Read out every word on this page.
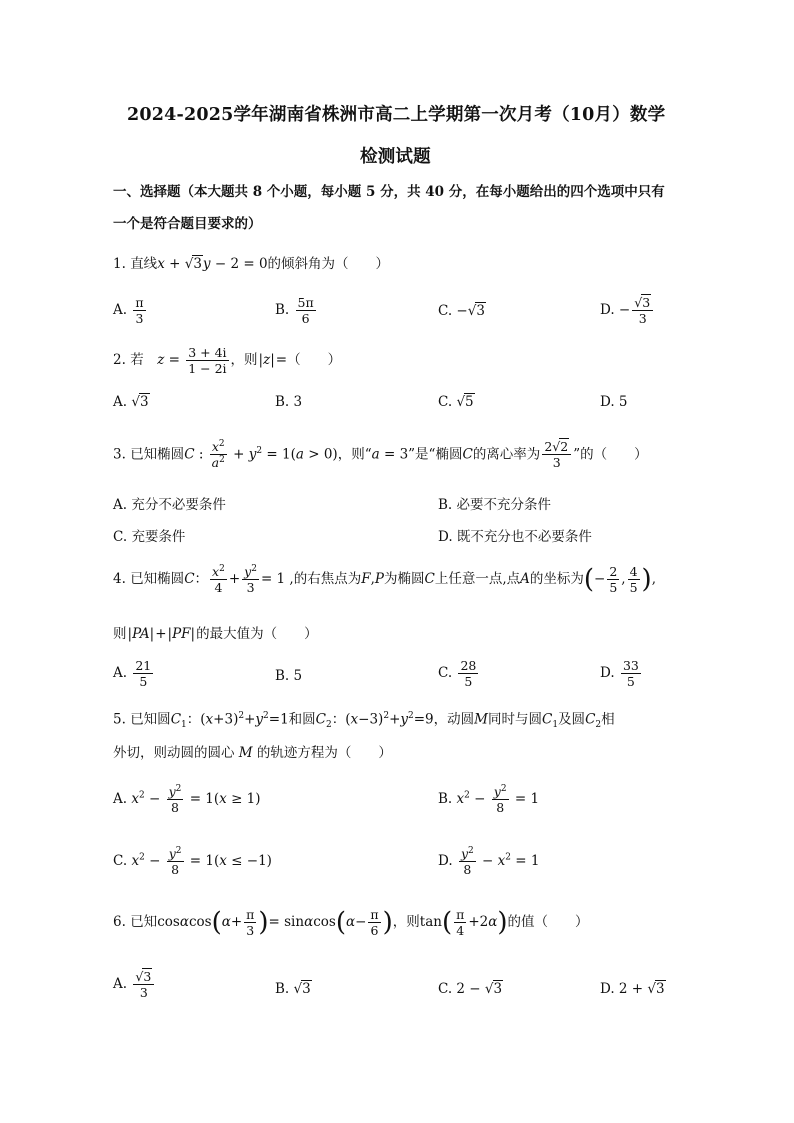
2024-2025学年湖南省株洲市高二上学期第一次月考（10月）数学
检测试题
一、选择题（本大题共 8 个小题，每小题 5 分，共 40 分，在每小题给出的四个选项中只有
一个是符合题目要求的）
1. 直线x + √3y − 2 = 0的倾斜角为（　　）
A. $\frac{\pi}{3}$	B. $\frac{5\pi}{6}$	C. −√3	D. − $\frac{√3}{3}$
2. 若　 $z = \frac{3 + 4i}{1 - 2i}$ ，则|z|=（　　）
A. √3	B. 3	C. √5	D. 5
3. 已知椭圆C : $\frac{x^2}{a^2} + y^2 = 1(a > 0)$，则“a = 3”是“椭圆C的离心率为 $\frac{2√2}{3}$ ”的（　　）
A. 充分不必要条件	B. 必要不充分条件
C. 充要条件	D. 既不充分也不必要条件
4. 已知椭圆C： $\frac{x^2}{4} + \frac{y^2}{3} = 1$ ,的右焦点为F,P为椭圆C上任意一点,点A的坐标为(− $\frac{2}{5}$ , $\frac{4}{5}$ ),
则|PA|+|PF|的最大值为（　　）
A. $\frac{21}{5}$	B. 5	C. $\frac{28}{5}$	D. $\frac{33}{5}$
5. 已知圆$C_1$：$(x+3)^2+y^2=1$和圆$C_2$：$(x-3)^2+y^2=9$，动圆M同时与圆$C_1$及圆$C_2$相
外切，则动圆的圆心 M 的轨迹方程为（　　）
A. $x^2 - \frac{y^2}{8} = 1(x \ge 1)$	B. $x^2 - \frac{y^2}{8} = 1$
C. $x^2 - \frac{y^2}{8} = 1(x \le -1)$	D. $\frac{y^2}{8} - x^2 = 1$
6. 已知$\cos\alpha\cos(\alpha+ \frac{\pi}{3}$ )= $\sin\alpha\cos(\alpha- \frac{\pi}{6}$ )，则$\tan( \frac{\pi}{4} +2\alpha)$的值（　　）
A. $\frac{√3}{3}$	B. √3	C. 2 − √3	D. 2 + √3
